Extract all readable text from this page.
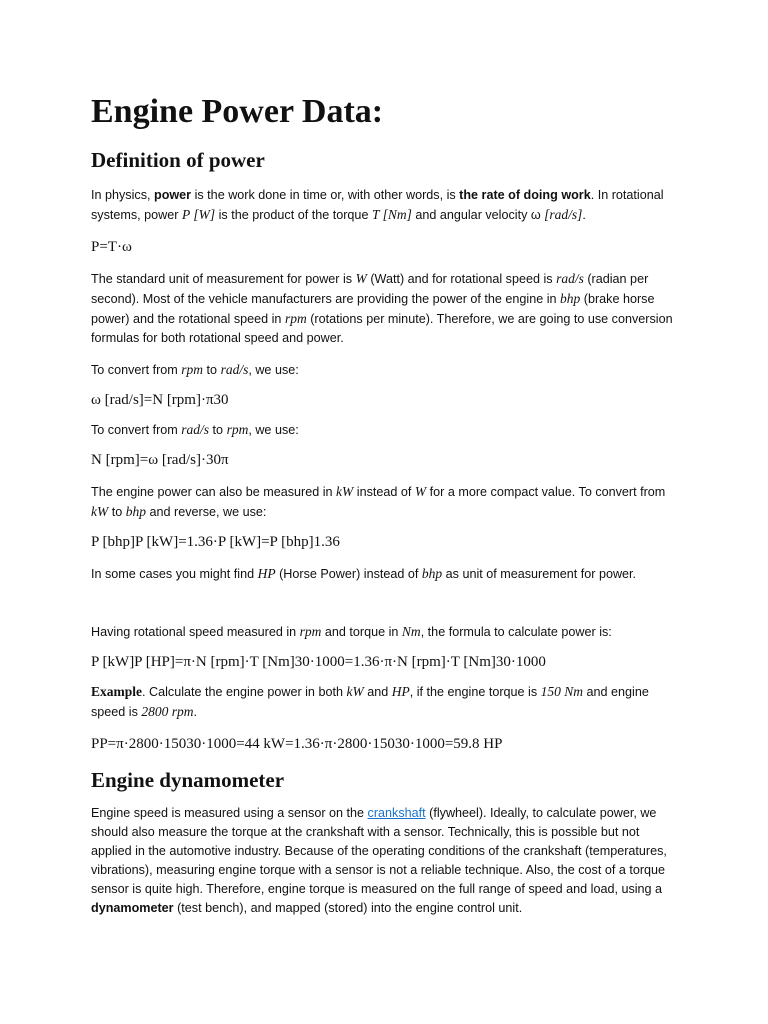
Engine Power Data:
Definition of power

In physics, power is the work done in time or, with other words, is the rate of doing work. In rotational systems, power P [W] is the product of the torque T [Nm] and angular velocity ω [rad/s].

P=T·ω

The standard unit of measurement for power is W (Watt) and for rotational speed is rad/s (radian per second). Most of the vehicle manufacturers are providing the power of the engine in bhp (brake horse power) and the rotational speed in rpm (rotations per minute). Therefore, we are going to use conversion formulas for both rotational speed and power.

To convert from rpm to rad/s, we use:

ω [rad/s]=N [rpm]·π30

To convert from rad/s to rpm, we use:

N [rpm]=ω [rad/s]·30π

The engine power can also be measured in kW instead of W for a more compact value. To convert from kW to bhp and reverse, we use:

P [bhp]P [kW]=1.36·P [kW]=P [bhp]1.36

In some cases you might find HP (Horse Power) instead of bhp as unit of measurement for power.

Having rotational speed measured in rpm and torque in Nm, the formula to calculate power is:

P [kW]P [HP]=π·N [rpm]·T [Nm]30·1000=1.36·π·N [rpm]·T [Nm]30·1000

Example. Calculate the engine power in both kW and HP, if the engine torque is 150 Nm and engine speed is 2800 rpm.

PP=π·2800·15030·1000=44 kW=1.36·π·2800·15030·1000=59.8 HP

Engine dynamometer

Engine speed is measured using a sensor on the crankshaft (flywheel). Ideally, to calculate power, we should also measure the torque at the crankshaft with a sensor. Technically, this is possible but not applied in the automotive industry. Because of the operating conditions of the crankshaft (temperatures, vibrations), measuring engine torque with a sensor is not a reliable technique. Also, the cost of a torque sensor is quite high. Therefore, engine torque is measured on the full range of speed and load, using a dynamometer (test bench), and mapped (stored) into the engine control unit.
